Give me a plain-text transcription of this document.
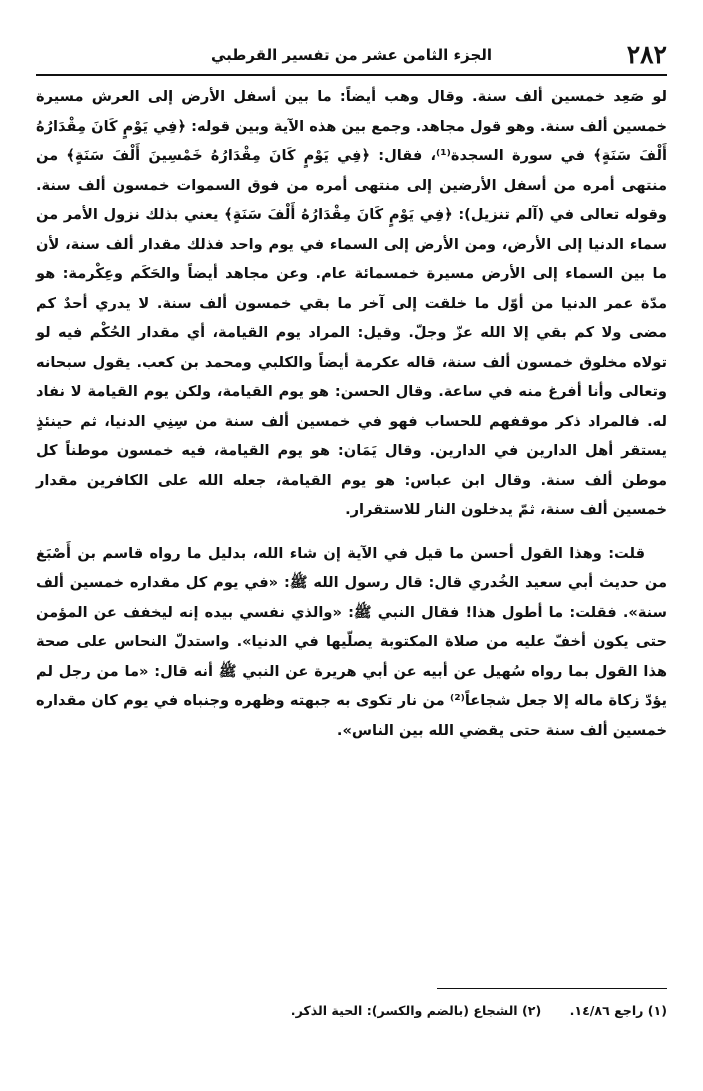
٢٨٢
الجزء الثامن عشر من تفسير القرطبي

لو صَعِد خمسين ألف سنة. وقال وهب أيضاً: ما بين أسفل الأرض إلى العرش مسيرة خمسين ألف سنة. وهو قول مجاهد. وجمع بين هذه الآية وبين قوله: ﴿فِي يَوْمٍ كَانَ مِقْدَارُهُ أَلْفَ سَنَةٍ﴾ في سورة السجدة⁽¹⁾، فقال: ﴿فِي يَوْمٍ كَانَ مِقْدَارُهُ خَمْسِينَ أَلْفَ سَنَةٍ﴾ من منتهى أمره من أسفل الأرضين إلى منتهى أمره من فوق السموات خمسون ألف سنة. وقوله تعالى في (آلم تنزيل): ﴿فِي يَوْمٍ كَانَ مِقْدَارُهُ أَلْفَ سَنَةٍ﴾ يعني بذلك نزول الأمر من سماء الدنيا إلى الأرض، ومن الأرض إلى السماء في يوم واحد فذلك مقدار ألف سنة، لأن ما بين السماء إلى الأرض مسيرة خمسمائة عام. وعن مجاهد أيضاً والحَكَم وعِكْرمة: هو مدّة عمر الدنيا من أوّل ما خلقت إلى آخر ما بقي خمسون ألف سنة. لا يدري أحدٌ كم مضى ولا كم بقي إلا الله عزّ وجلّ. وقيل: المراد يوم القيامة، أي مقدار الحُكْم فيه لو تولاه مخلوق خمسون ألف سنة، قاله عكرمة أيضاً والكلبي ومحمد بن كعب. يقول سبحانه وتعالى وأنا أفرغ منه في ساعة. وقال الحسن: هو يوم القيامة، ولكن يوم القيامة لا نفاد له. فالمراد ذكر موقفهم للحساب فهو في خمسين ألف سنة من سِنِي الدنيا، ثم حينئذٍ يستقر أهل الدارين في الدارين. وقال يَمَان: هو يوم القيامة، فيه خمسون موطناً كل موطن ألف سنة. وقال ابن عباس: هو يوم القيامة، جعله الله على الكافرين مقدار خمسين ألف سنة، ثمّ يدخلون النار للاستقرار.

قلت: وهذا القول أحسن ما قيل في الآية إن شاء الله، بدليل ما رواه قاسم بن أَصْبَغ من حديث أبي سعيد الخُدري قال: قال رسول الله ﷺ: «في يوم كل مقداره خمسين ألف سنة». فقلت: ما أطول هذا! فقال النبي ﷺ: «والذي نفسي بيده إنه ليخفف عن المؤمن حتى يكون أخفّ عليه من صلاة المكتوبة يصلّيها في الدنيا». واستدلّ النحاس على صحة هذا القول بما رواه سُهيل عن أبيه عن أبي هريرة عن النبي ﷺ أنه قال: «ما من رجل لم يؤدّ زكاة ماله إلا جعل شجاعاً⁽²⁾ من نار تكوى به جبهته وظهره وجنباه في يوم كان مقداره خمسين ألف سنة حتى يقضي الله بين الناس».

(١) راجع ١٤/٨٦. (٢) الشجاع (بالضم والكسر): الحية الذكر.
